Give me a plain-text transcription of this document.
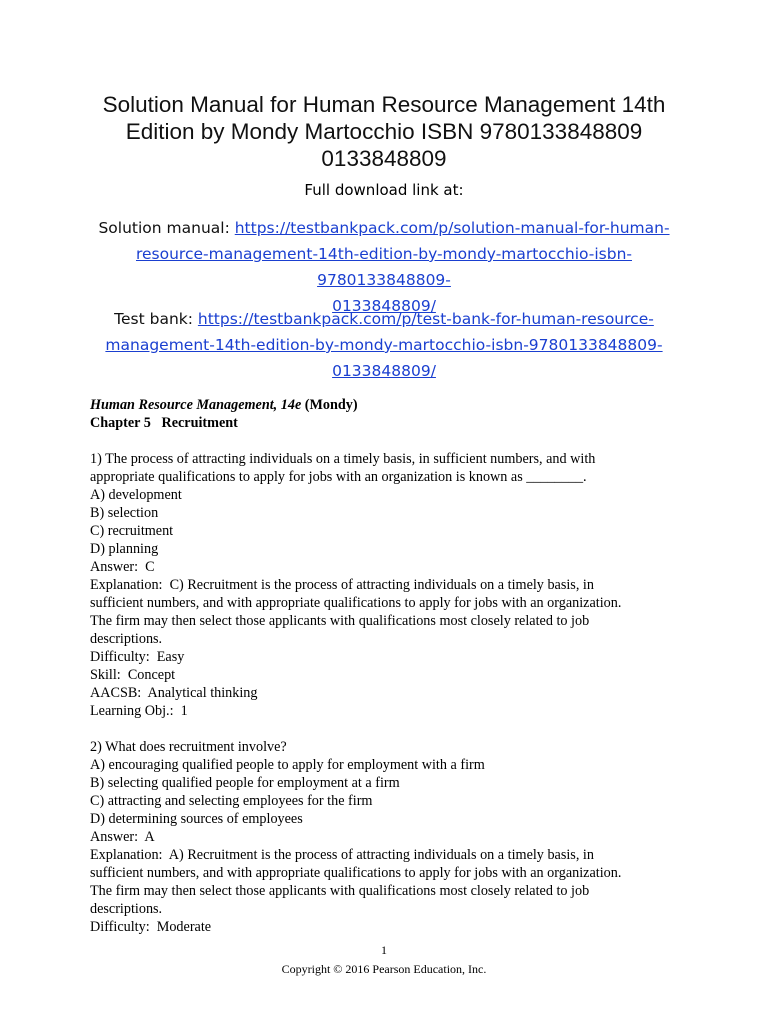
Solution Manual for Human Resource Management 14th
Edition by Mondy Martocchio ISBN 9780133848809
0133848809
Full download link at:
Solution manual: https://testbankpack.com/p/solution-manual-for-human-
resource-management-14th-edition-by-mondy-martocchio-isbn-9780133848809-
0133848809/
Test bank: https://testbankpack.com/p/test-bank-for-human-resource-
management-14th-edition-by-mondy-martocchio-isbn-9780133848809-
0133848809/
Human Resource Management, 14e (Mondy)
Chapter 5   Recruitment
1) The process of attracting individuals on a timely basis, in sufficient numbers, and with
appropriate qualifications to apply for jobs with an organization is known as ________.
A) development
B) selection
C) recruitment
D) planning
Answer:  C
Explanation:  C) Recruitment is the process of attracting individuals on a timely basis, in
sufficient numbers, and with appropriate qualifications to apply for jobs with an organization.
The firm may then select those applicants with qualifications most closely related to job
descriptions.
Difficulty:  Easy
Skill:  Concept
AACSB:  Analytical thinking
Learning Obj.:  1
2) What does recruitment involve?
A) encouraging qualified people to apply for employment with a firm
B) selecting qualified people for employment at a firm
C) attracting and selecting employees for the firm
D) determining sources of employees
Answer:  A
Explanation:  A) Recruitment is the process of attracting individuals on a timely basis, in
sufficient numbers, and with appropriate qualifications to apply for jobs with an organization.
The firm may then select those applicants with qualifications most closely related to job
descriptions.
Difficulty:  Moderate
1
Copyright © 2016 Pearson Education, Inc.
